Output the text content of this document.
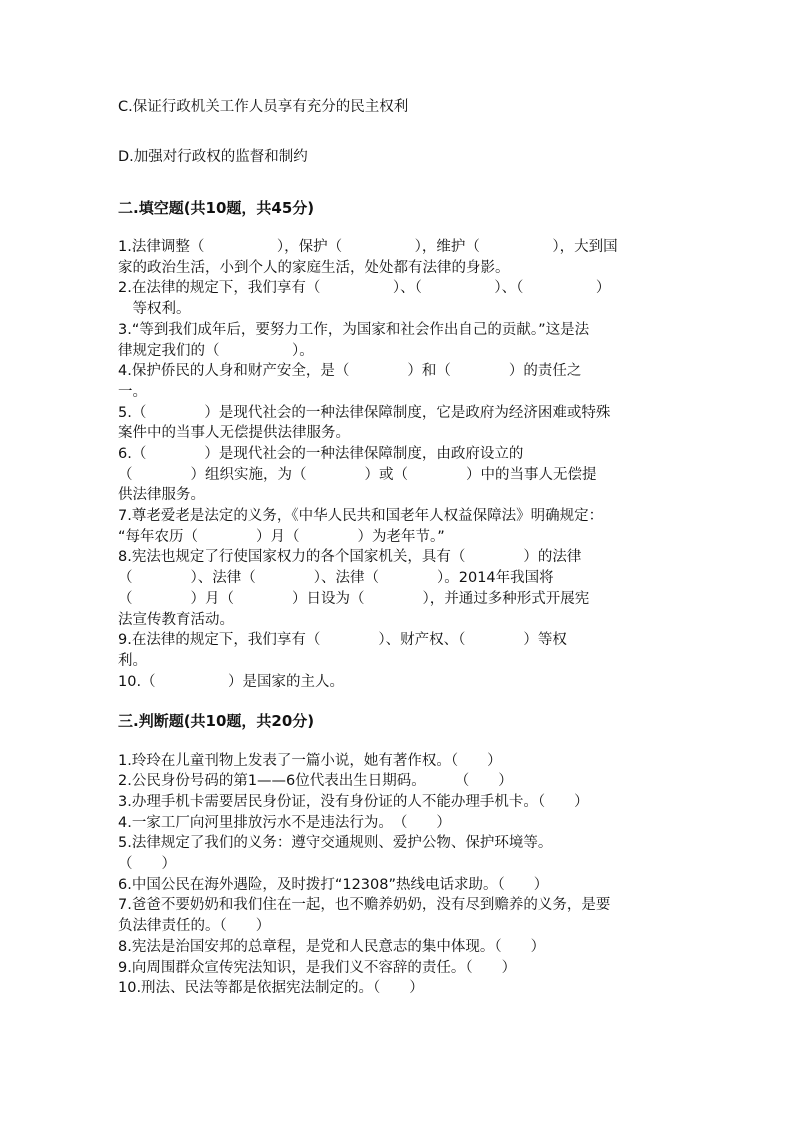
C.保证行政机关工作人员享有充分的民主权利
D.加强对行政权的监督和制约
二.填空题(共10题，共45分)
1.法律调整（　　　　　），保护（　　　　　），维护（　　　　　），大到国
家的政治生活，小到个人的家庭生活，处处都有法律的身影。
2.在法律的规定下，我们享有（　　　　　）、（　　　　　）、（　　　　　）
　等权利。
3.“等到我们成年后，要努力工作，为国家和社会作出自己的贡献。”这是法
律规定我们的（　　　　　）。
4.保护侨民的人身和财产安全，是（　　　　）和（　　　　）的责任之
一。
5.（　　　　）是现代社会的一种法律保障制度，它是政府为经济困难或特殊
案件中的当事人无偿提供法律服务。
6.（　　　　）是现代社会的一种法律保障制度，由政府设立的
（　　　　）组织实施，为（　　　　）或（　　　　）中的当事人无偿提
供法律服务。
7.尊老爱老是法定的义务，《中华人民共和国老年人权益保障法》明确规定：
“每年农历（　　　　）月（　　　　）为老年节。”
8.宪法也规定了行使国家权力的各个国家机关，具有（　　　　）的法律
（　　　　）、法律（　　　　）、法律（　　　　）。2014年我国将
（　　　　）月（　　　　）日设为（　　　　），并通过多种形式开展宪
法宣传教育活动。
9.在法律的规定下，我们享有（　　　　）、财产权、（　　　　）等权
利。
10.（　　　　　）是国家的主人。
三.判断题(共10题，共20分)
1.玲玲在儿童刊物上发表了一篇小说，她有著作权。（　　）
2.公民身份号码的第1——6位代表出生日期码。　　　（　　）
3.办理手机卡需要居民身份证，没有身份证的人不能办理手机卡。（　　）
4.一家工厂向河里排放污水不是违法行为。　（　　）
5.法律规定了我们的义务：遵守交通规则、爱护公物、保护环境等。
（　　）
6.中国公民在海外遇险，及时拨打“12308”热线电话求助。（　　）
7.爸爸不要奶奶和我们住在一起，也不赡养奶奶，没有尽到赡养的义务，是要
负法律责任的。（　　）
8.宪法是治国安邦的总章程，是党和人民意志的集中体现。（　　）
9.向周围群众宣传宪法知识，是我们义不容辞的责任。（　　）
10.刑法、民法等都是依据宪法制定的。（　　）
